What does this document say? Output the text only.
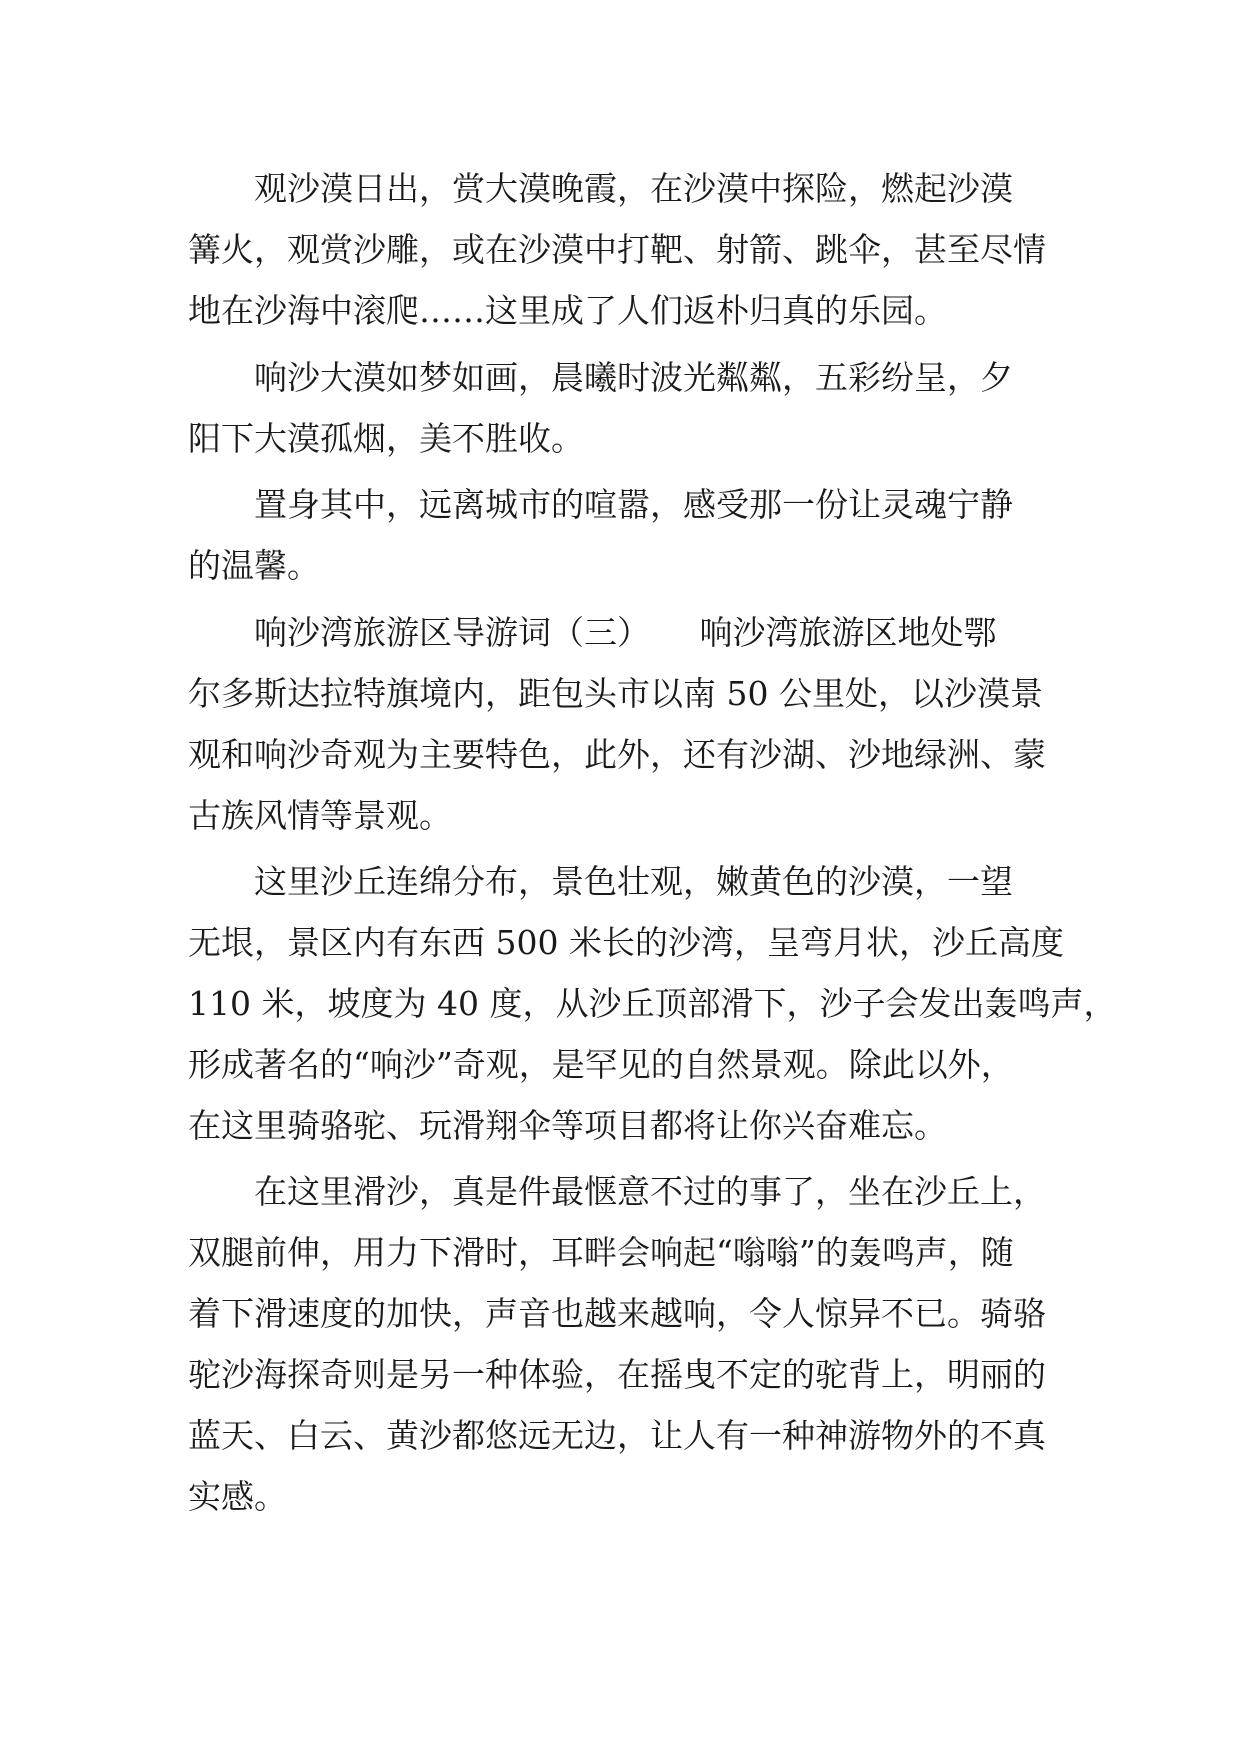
观沙漠日出，赏大漠晚霞，在沙漠中探险，燃起沙漠
篝火，观赏沙雕，或在沙漠中打靶、射箭、跳伞，甚至尽情
地在沙海中滚爬……这里成了人们返朴归真的乐园。
响沙大漠如梦如画，晨曦时波光粼粼，五彩纷呈，夕
阳下大漠孤烟，美不胜收。
置身其中，远离城市的喧嚣，感受那一份让灵魂宁静
的温馨。
响沙湾旅游区导游词（三）　　响沙湾旅游区地处鄂
尔多斯达拉特旗境内，距包头市以南 50 公里处，以沙漠景
观和响沙奇观为主要特色，此外，还有沙湖、沙地绿洲、蒙
古族风情等景观。
这里沙丘连绵分布，景色壮观，嫩黄色的沙漠，一望
无垠，景区内有东西 500 米长的沙湾，呈弯月状，沙丘高度
110 米，坡度为 40 度，从沙丘顶部滑下，沙子会发出轰鸣声，
形成著名的“响沙”奇观，是罕见的自然景观。除此以外，
在这里骑骆驼、玩滑翔伞等项目都将让你兴奋难忘。
在这里滑沙，真是件最惬意不过的事了，坐在沙丘上，
双腿前伸，用力下滑时，耳畔会响起“嗡嗡”的轰鸣声，随
着下滑速度的加快，声音也越来越响，令人惊异不已。骑骆
驼沙海探奇则是另一种体验，在摇曳不定的驼背上，明丽的
蓝天、白云、黄沙都悠远无边，让人有一种神游物外的不真
实感。
